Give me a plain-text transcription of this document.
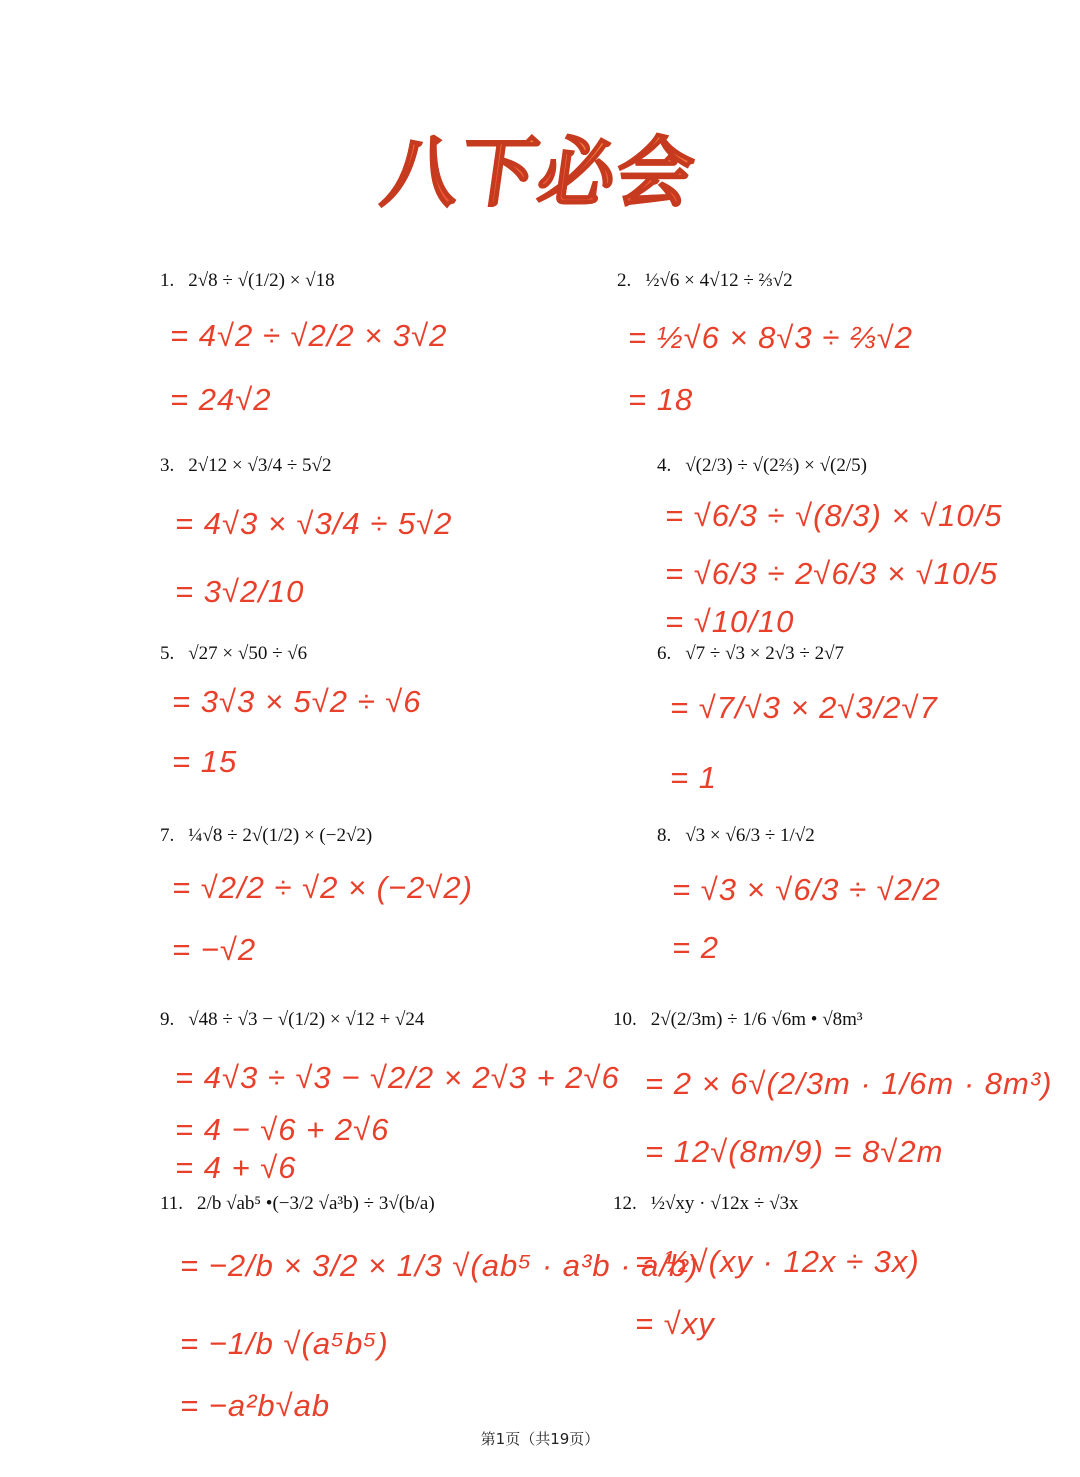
八下必会
1. 2√8 ÷ √(1/2) × √18
= 4√2 ÷ √2/2 × 3√2
= 24√2
2. ½√6 × 4√12 ÷ ⅔√2
= ½√6 × 8√3 ÷ ⅔√2
= 18
3. 2√12 × √3/4 ÷ 5√2
= 4√3 × √3/4 ÷ 5√2
= 3√2/10
4. √(2/3) ÷ √(2⅔) × √(2/5)
= √6/3 ÷ √(8/3) × √10/5
= √6/3 ÷ 2√6/3 × √10/5
= √10/10
5. √27 × √50 ÷ √6
= 3√3 × 5√2 ÷ √6
= 15
6. √7 ÷ √3 × 2√3 ÷ 2√7
= √7/√3 × 2√3/2√7
= 1
7. ¼√8 ÷ 2√(1/2) × (−2√2)
= √2/2 ÷ √2 × (−2√2)
= −√2
8. √3 × √6/3 ÷ 1/√2
= √3 × √6/3 ÷ √2/2
= 2
9. √48 ÷ √3 − √(1/2) × √12 + √24
= 4√3 ÷ √3 − √2/2 × 2√3 + 2√6
= 4 − √6 + 2√6
= 4 + √6
10. 2√(2/3m) ÷ 1/6 √6m • √8m³
= 2 × 6√(2/3m · 1/6m · 8m³)
= 12√(8m/9) = 8√2m
11. 2/b √ab⁵ •(−3/2 √a³b) ÷ 3√(b/a)
= −2/b × 3/2 × 1/3 √(ab⁵ · a³b · a/b)
= −1/b √(a⁵b⁵)
= −a²b√ab
12. ½√xy · √12x ÷ √3x
= ½√(xy · 12x ÷ 3x)
= √xy
第1页（共19页）
